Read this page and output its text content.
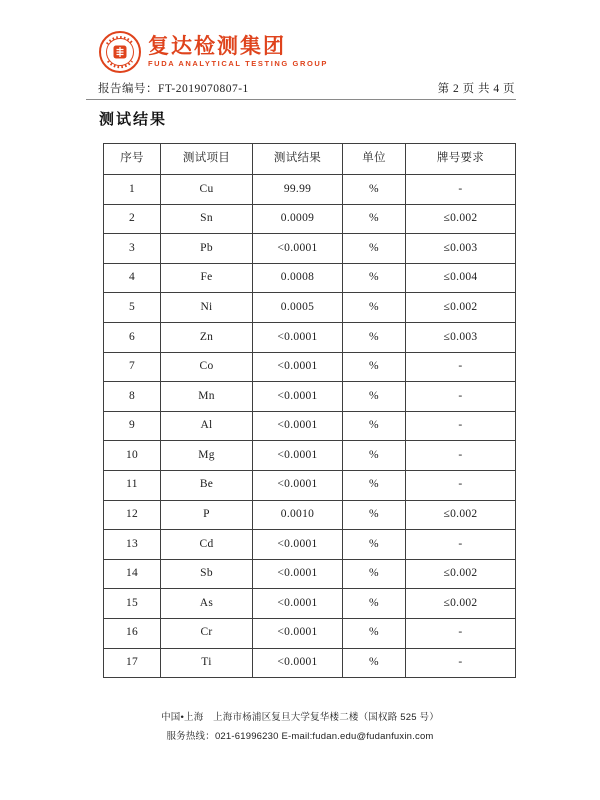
复达检测集团
FUDA ANALYTICAL TESTING GROUP
报告编号：FT-2019070807-1	第 2 页 共 4 页
测试结果
序号	测试项目	测试结果	单位	牌号要求
1	Cu	99.99	%	-
2	Sn	0.0009	%	≤0.002
3	Pb	<0.0001	%	≤0.003
4	Fe	0.0008	%	≤0.004
5	Ni	0.0005	%	≤0.002
6	Zn	<0.0001	%	≤0.003
7	Co	<0.0001	%	-
8	Mn	<0.0001	%	-
9	Al	<0.0001	%	-
10	Mg	<0.0001	%	-
11	Be	<0.0001	%	-
12	P	0.0010	%	≤0.002
13	Cd	<0.0001	%	-
14	Sb	<0.0001	%	≤0.002
15	As	<0.0001	%	≤0.002
16	Cr	<0.0001	%	-
17	Ti	<0.0001	%	-
中国•上海　上海市杨浦区复旦大学复华楼二楼（国权路 525 号）
服务热线：021-61996230 E-mail:fudan.edu@fudanfuxin.com
